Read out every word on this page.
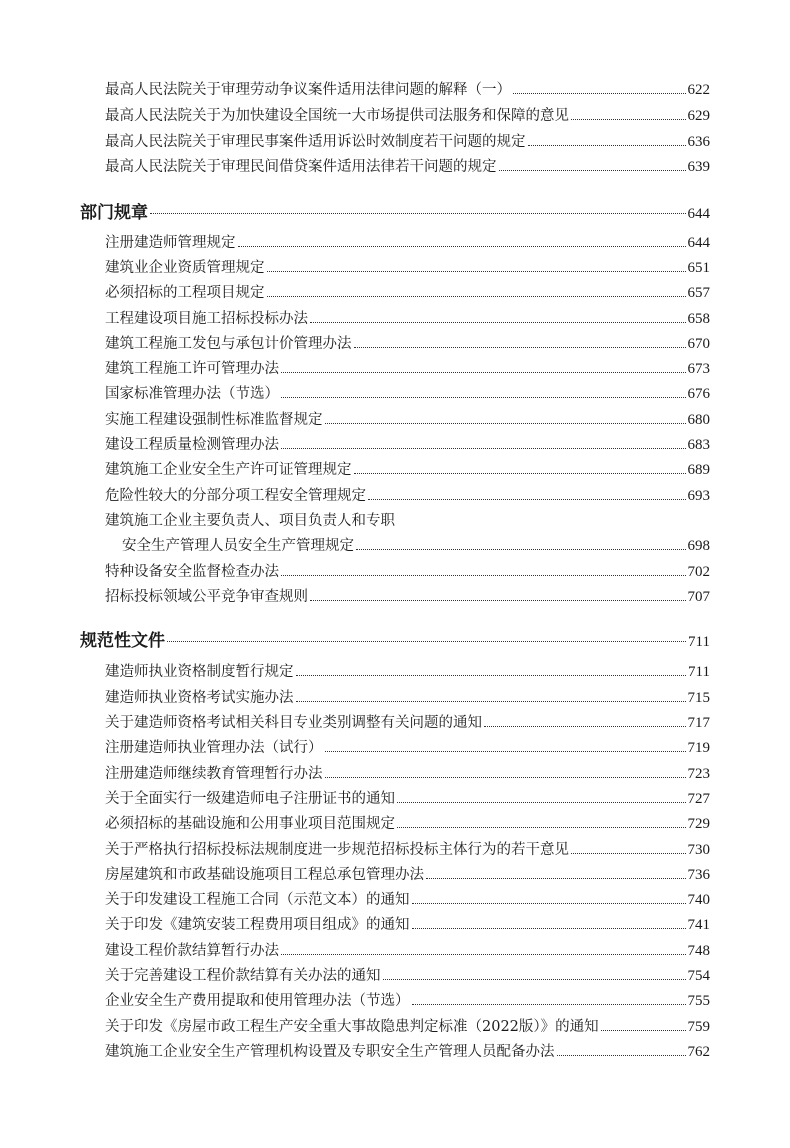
最高人民法院关于审理劳动争议案件适用法律问题的解释（一）	622
最高人民法院关于为加快建设全国统一大市场提供司法服务和保障的意见	629
最高人民法院关于审理民事案件适用诉讼时效制度若干问题的规定	636
最高人民法院关于审理民间借贷案件适用法律若干问题的规定	639
部门规章	644
注册建造师管理规定	644
建筑业企业资质管理规定	651
必须招标的工程项目规定	657
工程建设项目施工招标投标办法	658
建筑工程施工发包与承包计价管理办法	670
建筑工程施工许可管理办法	673
国家标准管理办法（节选）	676
实施工程建设强制性标准监督规定	680
建设工程质量检测管理办法	683
建筑施工企业安全生产许可证管理规定	689
危险性较大的分部分项工程安全管理规定	693
建筑施工企业主要负责人、项目负责人和专职
安全生产管理人员安全生产管理规定	698
特种设备安全监督检查办法	702
招标投标领域公平竞争审查规则	707
规范性文件	711
建造师执业资格制度暂行规定	711
建造师执业资格考试实施办法	715
关于建造师资格考试相关科目专业类别调整有关问题的通知	717
注册建造师执业管理办法（试行）	719
注册建造师继续教育管理暂行办法	723
关于全面实行一级建造师电子注册证书的通知	727
必须招标的基础设施和公用事业项目范围规定	729
关于严格执行招标投标法规制度进一步规范招标投标主体行为的若干意见	730
房屋建筑和市政基础设施项目工程总承包管理办法	736
关于印发建设工程施工合同（示范文本）的通知	740
关于印发《建筑安装工程费用项目组成》的通知	741
建设工程价款结算暂行办法	748
关于完善建设工程价款结算有关办法的通知	754
企业安全生产费用提取和使用管理办法（节选）	755
关于印发《房屋市政工程生产安全重大事故隐患判定标准（2022版）》的通知	759
建筑施工企业安全生产管理机构设置及专职安全生产管理人员配备办法	762
